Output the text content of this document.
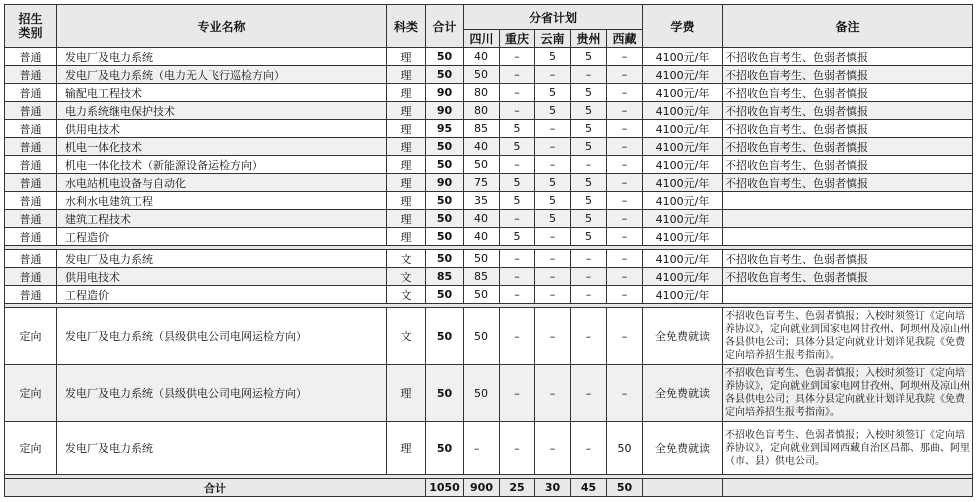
招生
类别	专业名称	科类	合计	分省计划					学费	备注
				四川	重庆	云南	贵州	西藏		
普通	发电厂及电力系统	理	50	40	–	5	5	–	4100元/年	不招收色盲考生、色弱者慎报
普通	发电厂及电力系统（电力无人飞行巡检方向）	理	50	50	–	–	–	–	4100元/年	不招收色盲考生、色弱者慎报
普通	输配电工程技术	理	90	80	–	5	5	–	4100元/年	不招收色盲考生、色弱者慎报
普通	电力系统继电保护技术	理	90	80	–	5	5	–	4100元/年	不招收色盲考生、色弱者慎报
普通	供用电技术	理	95	85	5	–	5	–	4100元/年	不招收色盲考生、色弱者慎报
普通	机电一体化技术	理	50	40	5	–	5	–	4100元/年	不招收色盲考生、色弱者慎报
普通	机电一体化技术（新能源设备运检方向）	理	50	50	–	–	–	–	4100元/年	不招收色盲考生、色弱者慎报
普通	水电站机电设备与自动化	理	90	75	5	5	5	–	4100元/年	不招收色盲考生、色弱者慎报
普通	水利水电建筑工程	理	50	35	5	5	5	–	4100元/年	
普通	建筑工程技术	理	50	40	–	5	5	–	4100元/年	
普通	工程造价	理	50	40	5	–	5	–	4100元/年	

普通	发电厂及电力系统	文	50	50	–	–	–	–	4100元/年	不招收色盲考生、色弱者慎报
普通	供用电技术	文	85	85	–	–	–	–	4100元/年	不招收色盲考生、色弱者慎报
普通	工程造价	文	50	50	–	–	–	–	4100元/年	

定向	发电厂及电力系统（县级供电公司电网运检方向）	文	50	50	–	–	–	–	全免费就读	不招收色盲考生、色弱者慎报；入校时须签订《定向培养协议》，定向就业到国家电网甘孜州、阿坝州及凉山州各县供电公司；具体分县定向就业计划详见我院《免费定向培养招生报考指南》。
定向	发电厂及电力系统（县级供电公司电网运检方向）	理	50	50	–	–	–	–	全免费就读	不招收色盲考生、色弱者慎报；入校时须签订《定向培养协议》，定向就业到国家电网甘孜州、阿坝州及凉山州各县供电公司；具体分县定向就业计划详见我院《免费定向培养招生报考指南》。
定向	发电厂及电力系统	理	50	–	–	–	–	50	全免费就读	不招收色盲考生、色弱者慎报；入校时须签订《定向培养协议》，定向就业到国网西藏自治区昌都、那曲、阿里（市、县）供电公司。

合计			1050	900	25	30	45	50		
